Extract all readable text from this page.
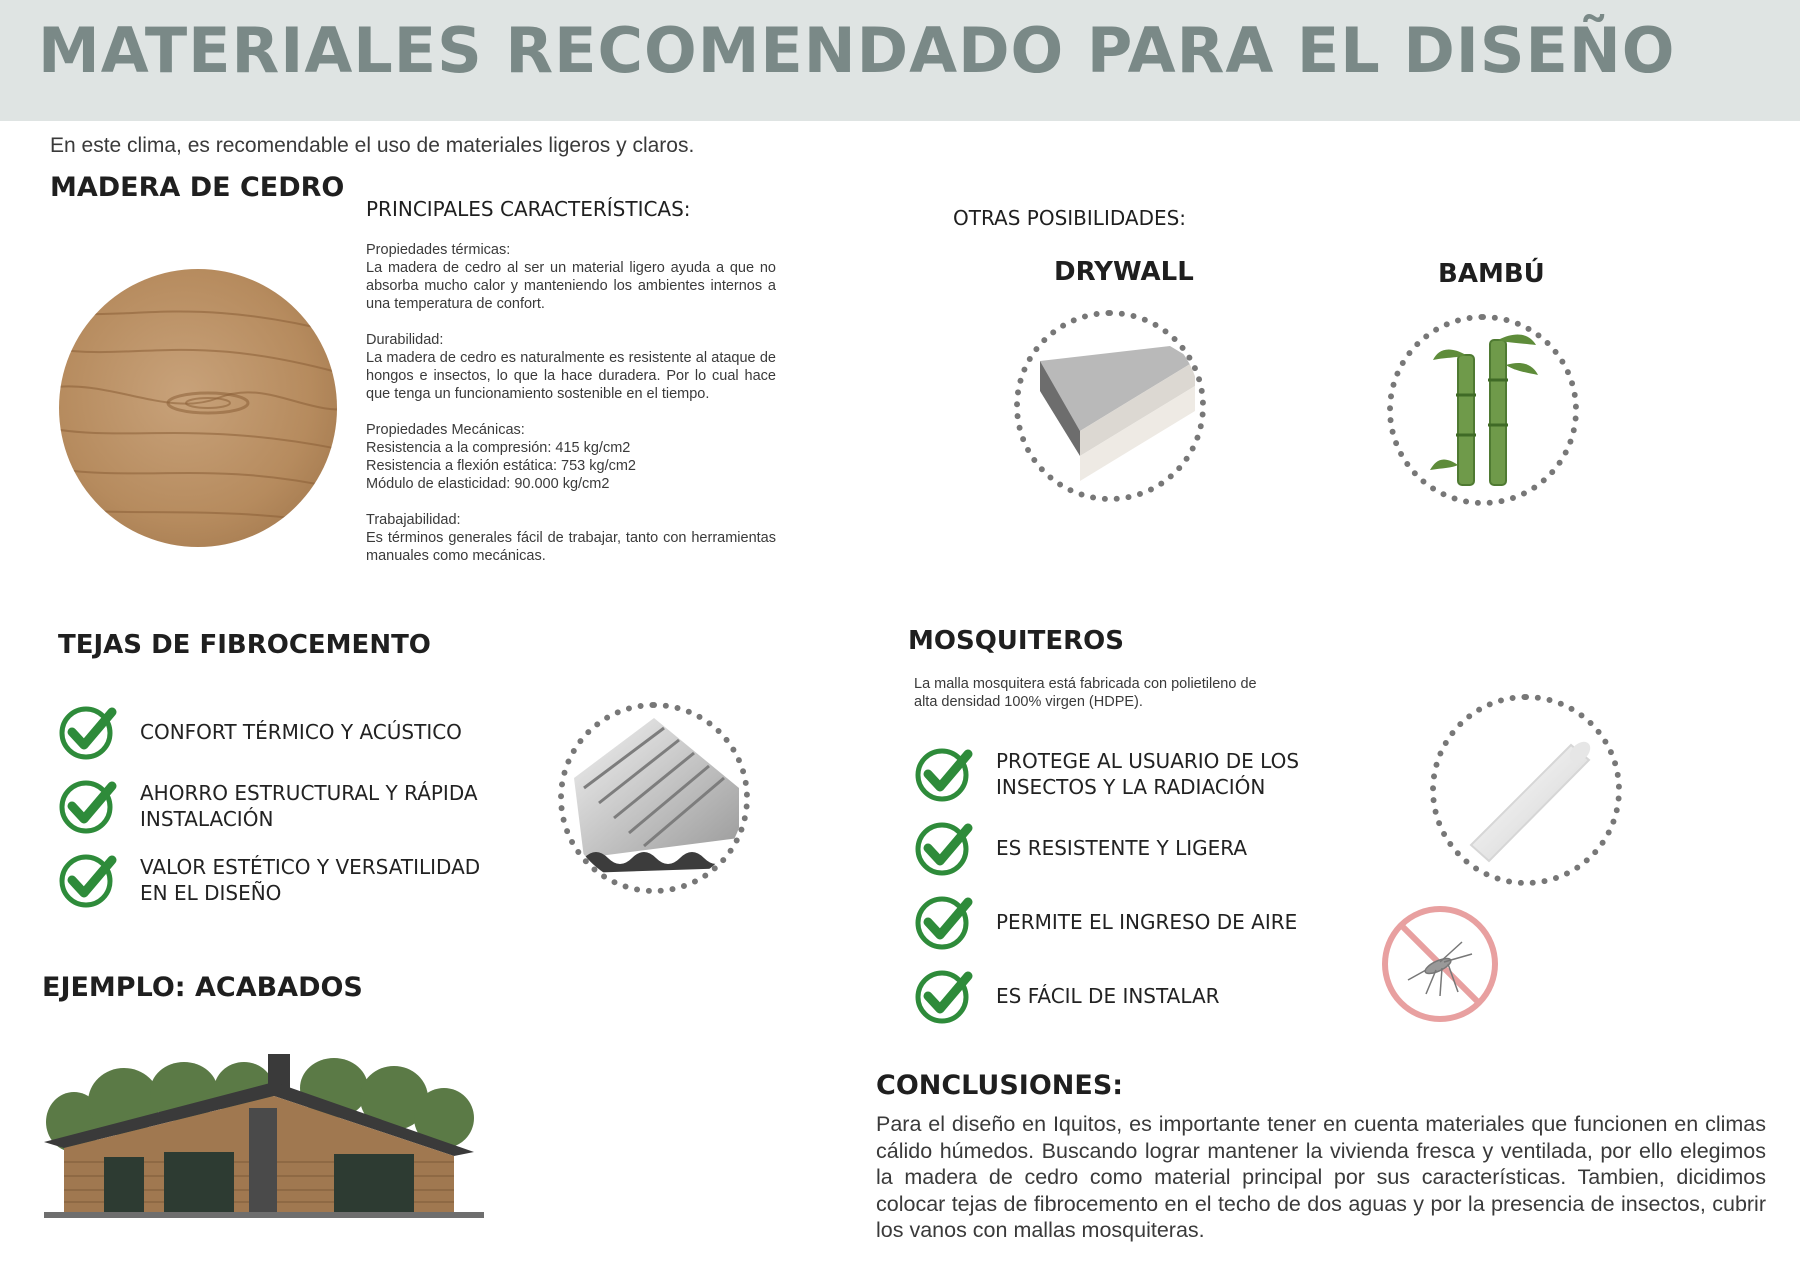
MATERIALES RECOMENDADO PARA EL DISEÑO
En este clima, es recomendable el uso de materiales ligeros y claros.
MADERA DE CEDRO
PRINCIPALES CARACTERÍSTICAS:
Propiedades térmicas:
La madera de cedro al ser un material ligero ayuda a que no absorba mucho calor y manteniendo los ambientes internos a una temperatura de confort.
Durabilidad:
La madera de cedro es naturalmente es resistente al ataque de hongos e insectos, lo que la hace duradera. Por lo cual hace que tenga un funcionamiento sostenible en el tiempo.
Propiedades Mecánicas:
Resistencia a la compresión: 415 kg/cm2
Resistencia a flexión estática: 753 kg/cm2
Módulo de elasticidad: 90.000 kg/cm2
Trabajabilidad:
Es términos generales fácil de trabajar, tanto con herramientas manuales como mecánicas.
OTRAS POSIBILIDADES:
DRYWALL	BAMBÚ
TEJAS DE FIBROCEMENTO
CONFORT TÉRMICO Y ACÚSTICO
AHORRO ESTRUCTURAL Y RÁPIDA
INSTALACIÓN
VALOR ESTÉTICO Y VERSATILIDAD
EN EL DISEÑO
EJEMPLO: ACABADOS
MOSQUITEROS
La malla mosquitera está fabricada con polietileno de
alta densidad 100% virgen (HDPE).
PROTEGE AL USUARIO DE LOS
INSECTOS Y LA RADIACIÓN
ES RESISTENTE Y LIGERA
PERMITE EL INGRESO DE AIRE
ES FÁCIL DE INSTALAR
CONCLUSIONES:
Para el diseño en Iquitos, es importante tener en cuenta materiales que funcionen en climas cálido húmedos. Buscando lograr mantener la vivienda fresca y ventilada, por ello elegimos la madera de cedro como material principal por sus características. Tambien, dicidimos colocar tejas de fibrocemento en el techo de dos aguas y por la presencia de insectos, cubrir los vanos con mallas mosquiteras.
